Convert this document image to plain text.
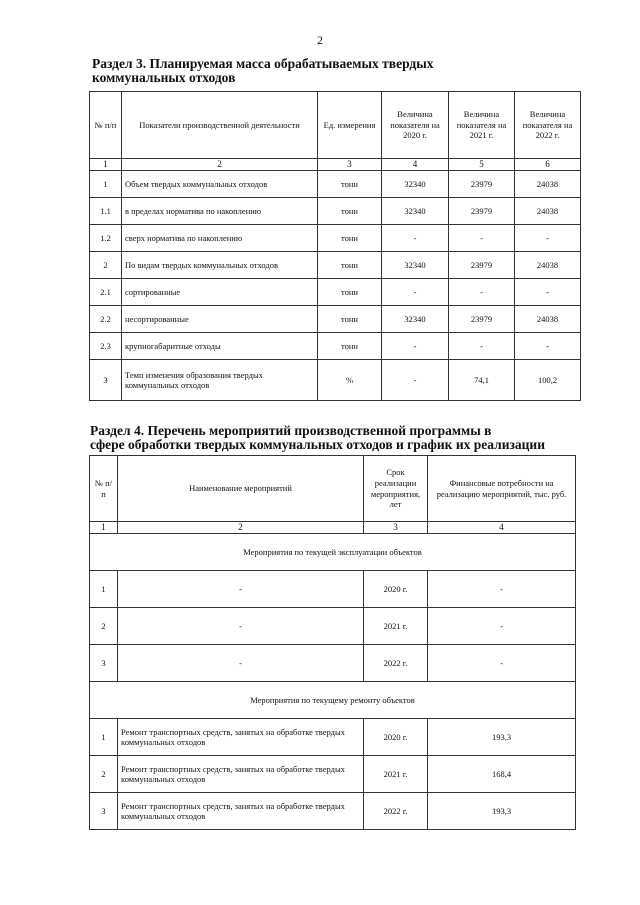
2
Раздел 3. Планируемая масса обрабатываемых твердых
коммунальных отходов
№ п/п	Показатели производственной деятельности	Ед. измерения	Величина показателя на 2020 г.	Величина показателя на 2021 г.	Величина показателя на 2022 г.
1	2	3	4	5	6
1	Объем твердых коммунальных отходов	тонн	32340	23979	24038
1.1	в пределах норматива по накоплению	тонн	32340	23979	24038
1.2	сверх норматива по накоплению	тонн	-	-	-
2	По видам твердых коммунальных отходов	тонн	32340	23979	24038
2.1	сортированные	тонн	-	-	-
2.2	несортированные	тонн	32340	23979	24038
2.3	крупногабаритные отходы	тонн	-	-	-
3	Темп изменения образования твердых коммунальных отходов	%	-	74,1	100,2
Раздел 4. Перечень мероприятий производственной программы в
сфере обработки твердых коммунальных отходов и график их реализации
№ п/п	Наименование мероприятий	Срок реализации мероприятия, лет	Финансовые потребности на реализацию мероприятий, тыс. руб.
1	2	3	4
Мероприятия по текущей эксплуатации объектов			
1	-	2020 г.	-
2	-	2021 г.	-
3	-	2022 г.	-
Мероприятия по текущему ремонту объектов			
1	Ремонт транспортных средств, занятых на обработке твердых коммунальных отходов	2020 г.	193,3
2	Ремонт транспортных средств, занятых на обработке твердых коммунальных отходов	2021 г.	168,4
3	Ремонт транспортных средств, занятых на обработке твердых коммунальных отходов	2022 г.	193,3
